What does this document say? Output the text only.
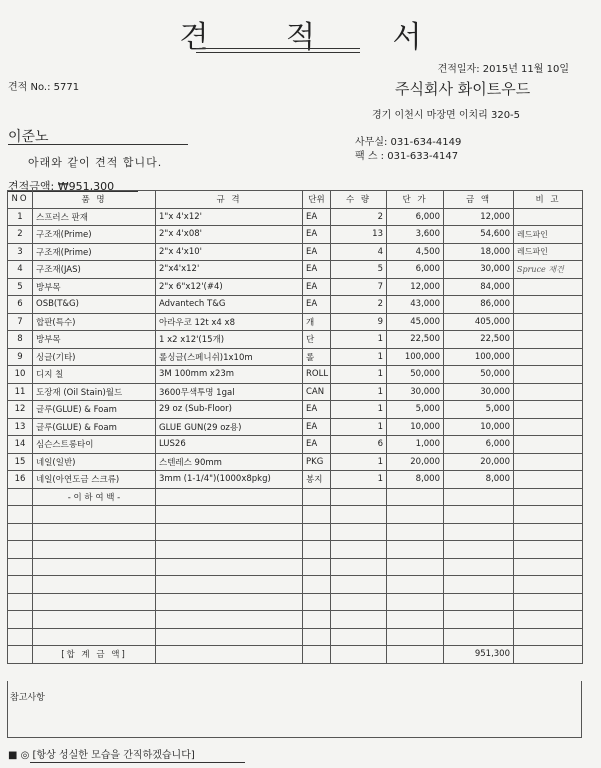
견 적 서
견적일자: 2015년 11월 10일
견적 No.: 5771	주식회사 화이트우드
경기 이천시 마장면 이치리 320-5
이준노	사무실: 031-634-4149
팩 스 : 031-633-4147
아래와 같이 견적 합니다.
견적금액: ₩951,300
NO	품 명	규 격	단위	수 량	단 가	금 액	비 고
1	스프러스 판재	1"x 4'x12'	EA	2	6,000	12,000	
2	구조재(Prime)	2"x 4'x08'	EA	13	3,600	54,600	레드파인
3	구조재(Prime)	2"x 4'x10'	EA	4	4,500	18,000	레드파인
4	구조재(JAS)	2"x4'x12'	EA	5	6,000	30,000	Spruce 재건
5	방부목	2"x 6"x12'(#4)	EA	7	12,000	84,000	
6	OSB(T&G)	Advantech T&G	EA	2	43,000	86,000	
7	합판(특수)	아라우코 12t x4 x8	개	9	45,000	405,000	
8	방부목	1 x2 x12'(15개)	단	1	22,500	22,500	
9	싱글(기타)	롤싱글(스페니쉬)1x10m	롤	1	100,000	100,000	
10	디지 칠	3M 100mm x23m	ROLL	1	50,000	50,000	
11	도장재 (Oil Stain)월드	3600무색투명 1gal	CAN	1	30,000	30,000	
12	글루(GLUE) & Foam	29 oz (Sub-Floor)	EA	1	5,000	5,000	
13	글루(GLUE) & Foam	GLUE GUN(29 oz용)	EA	1	10,000	10,000	
14	심슨스트롱타이	LUS26	EA	6	1,000	6,000	
15	네일(일반)	스텐레스 90mm	PKG	1	20,000	20,000	
16	네일(아연도금 스크류)	3mm (1-1/4")(1000x8pkg)	봉지	1	8,000	8,000	
	- 이 하 여 백 -						

	[합 계 금 액]					951,300	
참고사항
■ ◎ [항상 성실한 모습을 간직하겠습니다]
